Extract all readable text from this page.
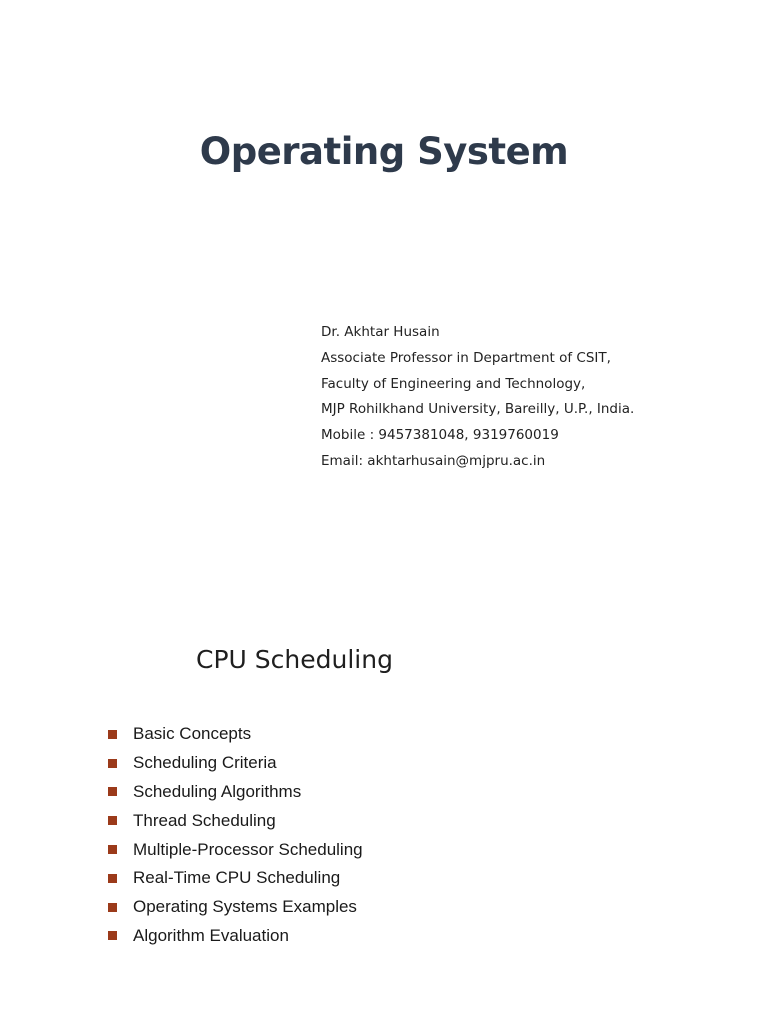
Operating System
Dr. Akhtar Husain
Associate Professor in Department of CSIT,
Faculty of Engineering and Technology,
MJP Rohilkhand University, Bareilly, U.P., India.
Mobile : 9457381048, 9319760019
Email: akhtarhusain@mjpru.ac.in
CPU Scheduling
Basic Concepts
Scheduling Criteria
Scheduling Algorithms
Thread Scheduling
Multiple-Processor Scheduling
Real-Time CPU Scheduling
Operating Systems Examples
Algorithm Evaluation
